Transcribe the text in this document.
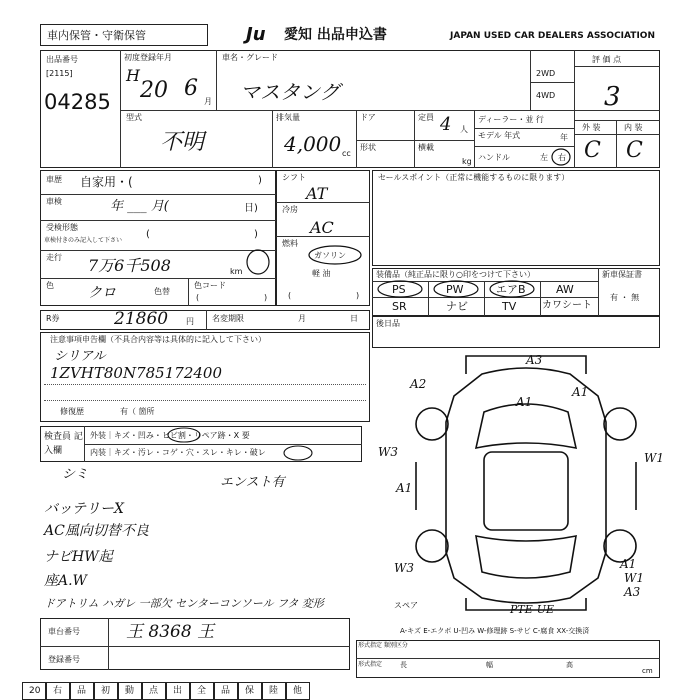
車内保管・守衛保管	Ju 愛知 出品申込書	JAPAN USED CAR DEALERS ASSOCIATION
出品番号
[2115]
04285
初度登録年月
H
20 6
月
車名・グレード
マスタング
2WD
4WD
評 価 点
3
外 装	内 装
C C
型式
不明
排気量
4,000 cc
ドア
形状
定員 4 人
横載
kg
ディーラー・並 行
モデル 年式	年
ハンドル	左 右
車歴 自家用・(	)
車検	年 ___ 月(	日)
受検形態
車検付きのみ記入して下さい
(	)
走行 7万6千508	km
色 クロ	色替
色コード
(	)
シフト
AT
冷房
AC
燃料
ガソリン
軽 油
(	)
セールスポイント（正常に機能するものに限ります）
装備品（純正品に限り○印をつけて下さい）	新車保証書
有 ・ 無
PS	PW	エアB	AW
SR	ナビ	TV	カワシート
R券	21860 円 名変期限	月	日
後日品
注意事項申告欄（不具合内容等は具体的に記入して下さい）
シリアル
1ZVHT80N785172400
修復歴	有（ 箇所
検査員 記入欄
外装｜キズ・凹み・ヒビ割・リペア跡・X 要
内装｜キズ・汚レ・コゲ・穴・スレ・キレ・破レ
シミ
エンスト有
バッテリーX
AC風向切替不良
ナビHW起
座A.W
ドアトリム ハガレ 一部欠 センターコンソール フタ 変形
A3
A1
A2
A1
W3	W1
A1
W3	A1
W1
A3
スペア	PTE-UE
A-キズ E-エクボ U-凹み W-修理跡 S-サビ C-腐食 XX-交換済
車台番号	王 8368 王
登録番号
形式指定 類別区分
形式指定	長	幅	高
cm
20 右 品 初 動 点 出 全 品 保 陸 他
